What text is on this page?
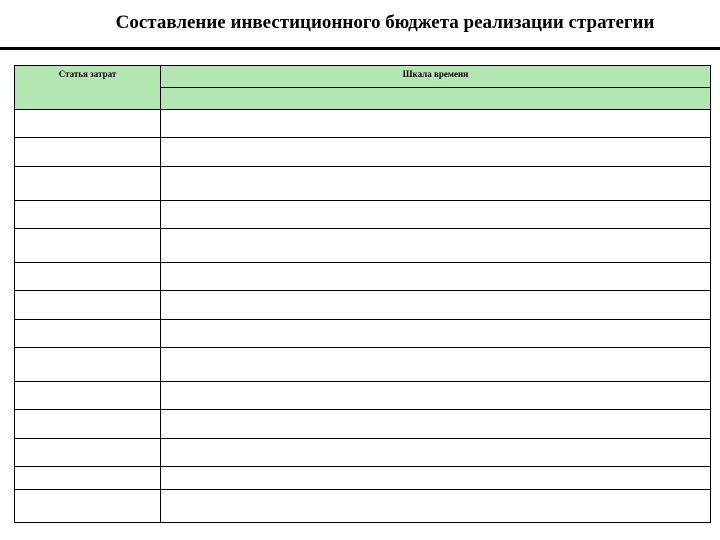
Составление инвестиционного бюджета реализации стратегии
Статья затрат	Шкала времени
